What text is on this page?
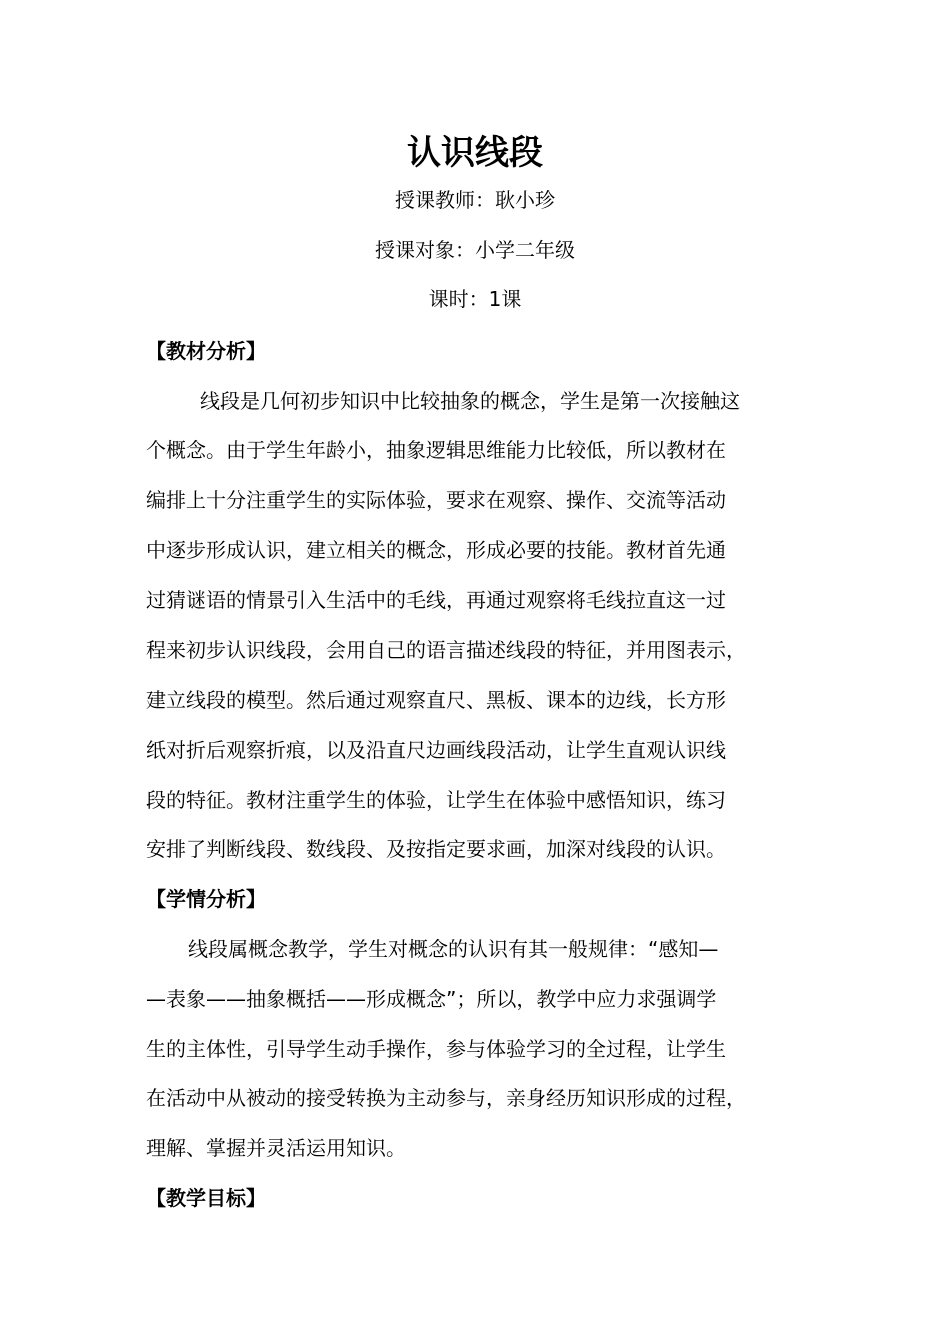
认识线段

授课教师：耿小珍

授课对象：小学二年级

课时：1课

【教材分析】

线段是几何初步知识中比较抽象的概念，学生是第一次接触这

个概念。由于学生年龄小，抽象逻辑思维能力比较低，所以教材在

编排上十分注重学生的实际体验，要求在观察、操作、交流等活动

中逐步形成认识，建立相关的概念，形成必要的技能。教材首先通

过猜谜语的情景引入生活中的毛线，再通过观察将毛线拉直这一过

程来初步认识线段，会用自己的语言描述线段的特征，并用图表示，

建立线段的模型。然后通过观察直尺、黑板、课本的边线，长方形

纸对折后观察折痕，以及沿直尺边画线段活动，让学生直观认识线

段的特征。教材注重学生的体验，让学生在体验中感悟知识，练习

安排了判断线段、数线段、及按指定要求画，加深对线段的认识。

【学情分析】

线段属概念教学，学生对概念的认识有其一般规律：“感知—

—表象——抽象概括——形成概念”；所以，教学中应力求强调学

生的主体性，引导学生动手操作，参与体验学习的全过程，让学生

在活动中从被动的接受转换为主动参与，亲身经历知识形成的过程，

理解、掌握并灵活运用知识。

【教学目标】
